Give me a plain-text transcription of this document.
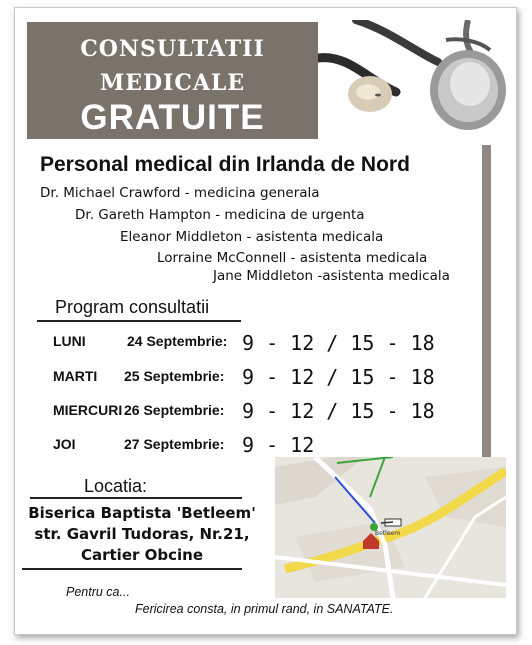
CONSULTATII
MEDICALE
GRATUITE
Personal medical din Irlanda de Nord
Dr. Michael Crawford - medicina generala
Dr. Gareth Hampton - medicina de urgenta
Eleanor Middleton - asistenta medicala
Lorraine McConnell - asistenta medicala
Jane Middleton -asistenta medicala
Program consultatii
LUNI	24 Septembrie: 9 - 12 / 15 - 18
MARTI 25 Septembrie: 9 - 12 / 15 - 18
MIERCURI 26 Septembrie: 9 - 12 / 15 - 18
JOI	27 Septembrie: 9 - 12
Locatia:
Biserica Baptista 'Betleem'
str. Gavril Tudoras, Nr.21,
Cartier Obcine
Betleem
Pentru ca...
Fericirea consta, in primul rand, in SANATATE.
